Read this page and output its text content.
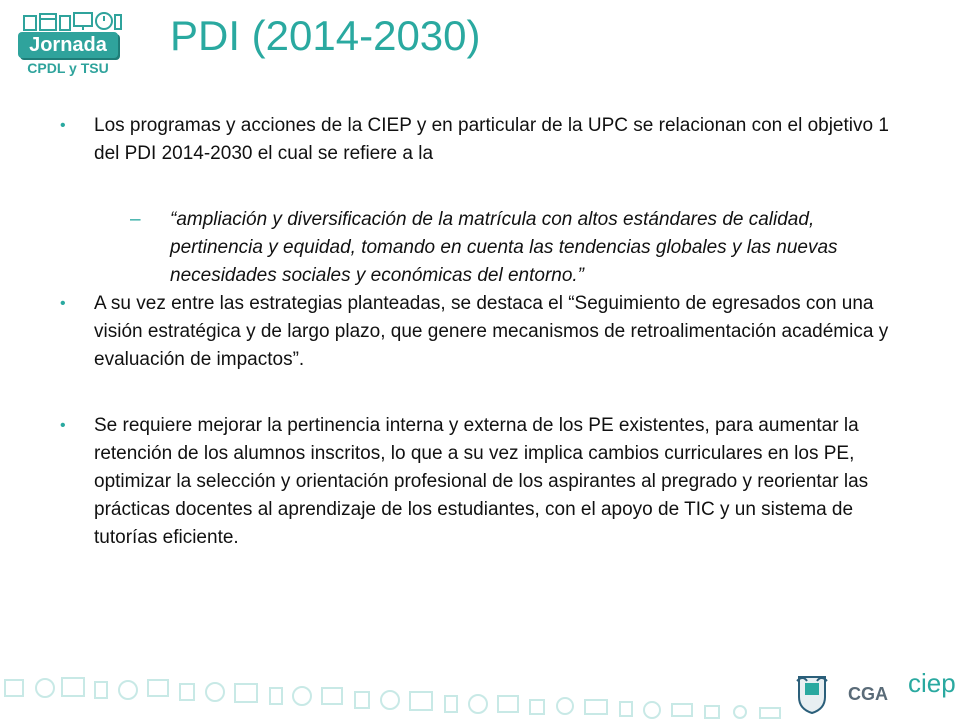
Jornada
CPDL y TSU
PDI (2014-2030)
• Los programas y acciones de la CIEP y en particular de la UPC se relacionan con el objetivo 1 del PDI 2014-2030 el cual se refiere a la
– “ampliación y diversificación de la matrícula con altos estándares de calidad, pertinencia y equidad, tomando en cuenta las tendencias globales y las nuevas necesidades sociales y económicas del entorno.”
• A su vez entre las estrategias planteadas, se destaca el “Seguimiento de egresados con una visión estratégica y de largo plazo, que genere mecanismos de retroalimentación académica y evaluación de impactos”.
• Se requiere mejorar la pertinencia interna y externa de los PE existentes, para aumentar la retención de los alumnos inscritos, lo que a su vez implica cambios curriculares en los PE, optimizar la selección y orientación profesional de los aspirantes al pregrado y reorientar las prácticas docentes al aprendizaje de los estudiantes, con el apoyo de TIC y un sistema de tutorías eficiente.
CGA ciep
